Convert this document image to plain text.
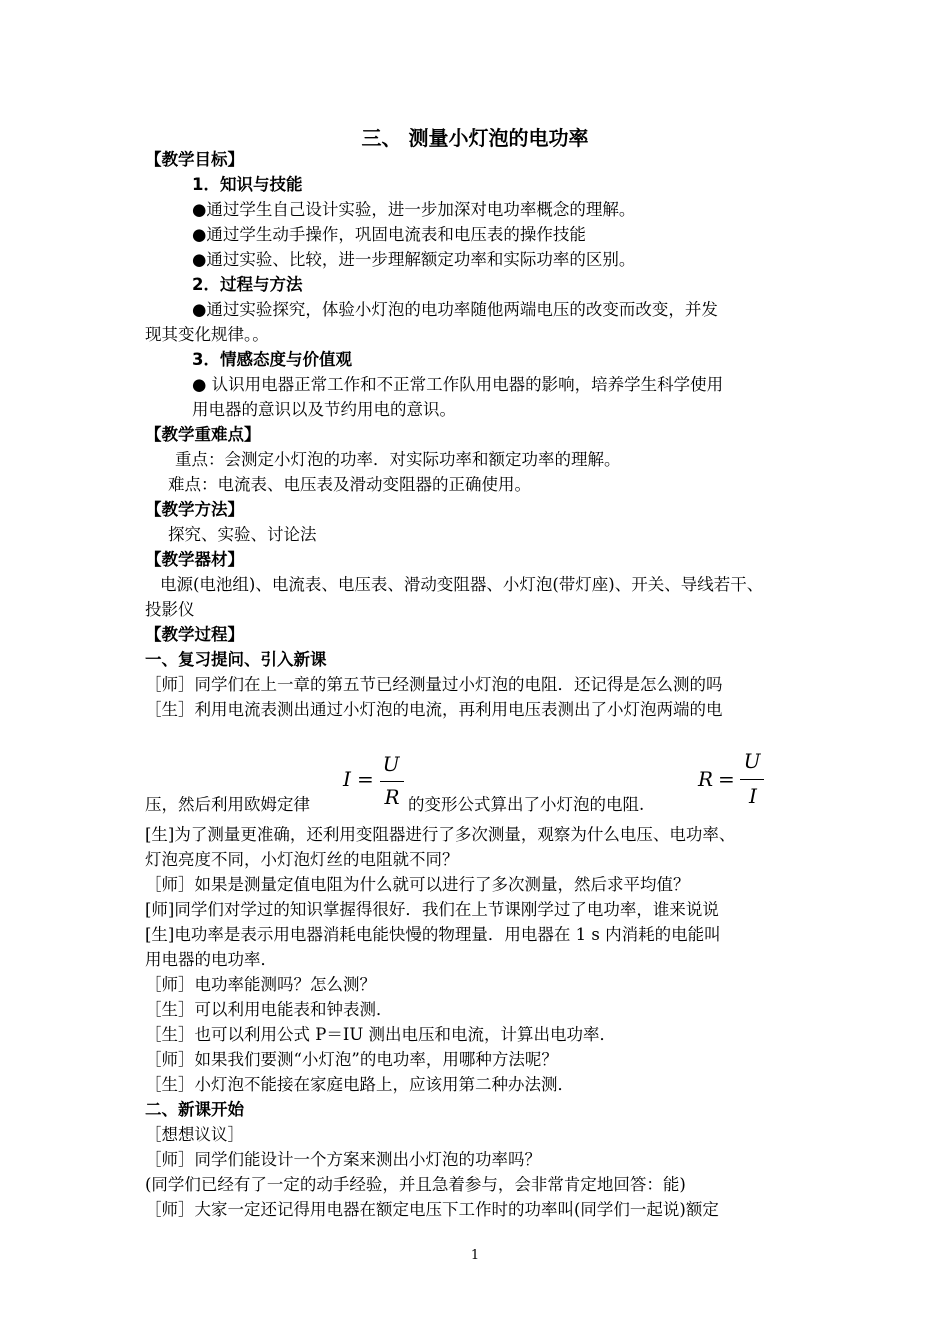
三、 测量小灯泡的电功率
【教学目标】
1．知识与技能
●通过学生自己设计实验，进一步加深对电功率概念的理解。
●通过学生动手操作，巩固电流表和电压表的操作技能
●通过实验、比较，进一步理解额定功率和实际功率的区别。
2．过程与方法
●通过实验探究，体验小灯泡的电功率随他两端电压的改变而改变，并发
现其变化规律。。
3．情感态度与价值观
● 认识用电器正常工作和不正常工作队用电器的影响，培养学生科学使用
用电器的意识以及节约用电的意识。
【教学重难点】
重点：会测定小灯泡的功率．对实际功率和额定功率的理解。
难点：电流表、电压表及滑动变阻器的正确使用。
【教学方法】
探究、实验、讨论法
【教学器材】
电源(电池组)、电流表、电压表、滑动变阻器、小灯泡(带灯座)、开关、导线若干、
投影仪
【教学过程】
一、复习提问、引入新课
［师］同学们在上一章的第五节已经测量过小灯泡的电阻．还记得是怎么测的吗
［生］利用电流表测出通过小灯泡的电流，再利用电压表测出了小灯泡两端的电
压，然后利用欧姆定律
I =
U
R 的变形公式算出了小灯泡的电阻.
R =
U
I
[生]为了测量更准确，还利用变阻器进行了多次测量，观察为什么电压、电功率、
灯泡亮度不同，小灯泡灯丝的电阻就不同？
［师］如果是测量定值电阻为什么就可以进行了多次测量，然后求平均值？
[师]同学们对学过的知识掌握得很好．我们在上节课刚学过了电功率，谁来说说
[生]电功率是表示用电器消耗电能快慢的物理量．用电器在 1 s 内消耗的电能叫
用电器的电功率．
［师］电功率能测吗？怎么测？
［生］可以利用电能表和钟表测．
［生］也可以利用公式 P＝IU 测出电压和电流，计算出电功率．
［师］如果我们要测“小灯泡”的电功率，用哪种方法呢？
［生］小灯泡不能接在家庭电路上，应该用第二种办法测．
二、新课开始
［想想议议］
［师］同学们能设计一个方案来测出小灯泡的功率吗？
(同学们已经有了一定的动手经验，并且急着参与，会非常肯定地回答：能)
［师］大家一定还记得用电器在额定电压下工作时的功率叫(同学们一起说)额定
1
